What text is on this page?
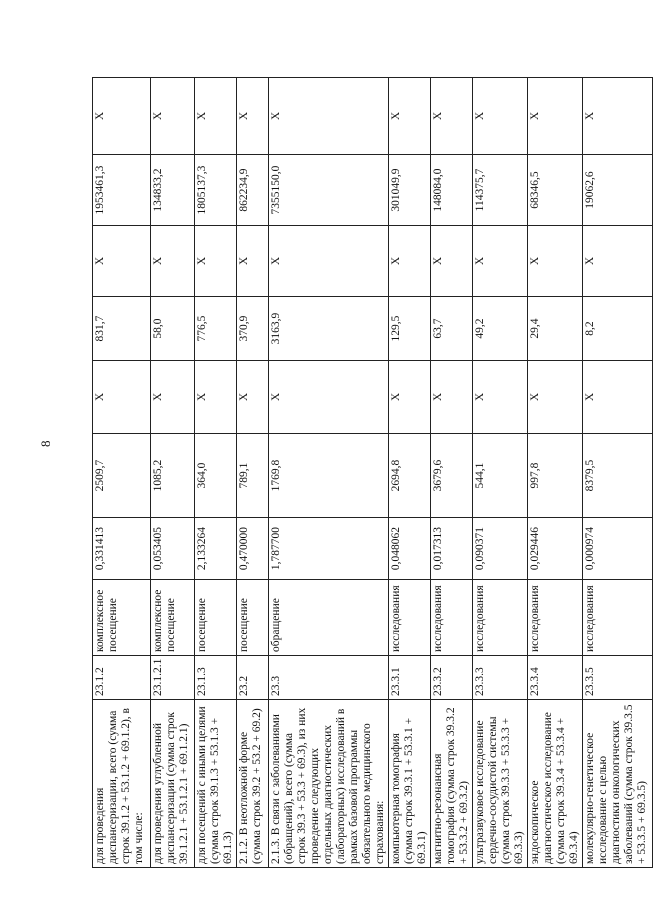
8
для проведения диспансеризации, всего (сумма строк 39.1.2 + 53.1.2 + 69.1.2), в том числе:	23.1.2	комплексное посещение	0,331413	2509,7	X	831,7	X	1953461,3	X
для проведения углубленной диспансеризации (сумма строк 39.1.2.1 + 53.1.2.1 + 69.1.2.1)	23.1.2.1	комплексное посещение	0,053405	1085,2	X	58,0	X	134833,2	X
для посещений с иными целями (сумма строк 39.1.3 + 53.1.3 + 69.1.3)	23.1.3	посещение	2,133264	364,0	X	776,5	X	1805137,3	X
2.1.2. В неотложной форме (сумма строк 39.2 + 53.2 + 69.2)	23.2	посещение	0,470000	789,1	X	370,9	X	862234,9	X
2.1.3. В связи с заболеваниями (обращений), всего (сумма строк 39.3 + 53.3 + 69.3), из них проведение следующих отдельных диагностических (лабораторных) исследований в рамках базовой программы обязательного медицинского страхования:	23.3	обращение	1,787700	1769,8	X	3163,9	X	7355150,0	X
компьютерная томография (сумма строк 39.3.1 + 53.3.1 + 69.3.1)	23.3.1	исследования	0,048062	2694,8	X	129,5	X	301049,9	X
магнитно-резонансная томография (сумма строк 39.3.2 + 53.3.2 + 69.3.2)	23.3.2	исследования	0,017313	3679,6	X	63,7	X	148084,0	X
ультразвуковое исследование сердечно-сосудистой системы (сумма строк 39.3.3 + 53.3.3 + 69.3.3)	23.3.3	исследования	0,090371	544,1	X	49,2	X	114375,7	X
эндоскопическое диагностическое исследование (сумма строк 39.3.4 + 53.3.4 + 69.3.4)	23.3.4	исследования	0,029446	997,8	X	29,4	X	68346,5	X
молекулярно-генетическое исследование с целью диагностики онкологических заболеваний (сумма строк 39.3.5 + 53.3.5 + 69.3.5)	23.3.5	исследования	0,000974	8379,5	X	8,2	X	19062,6	X
